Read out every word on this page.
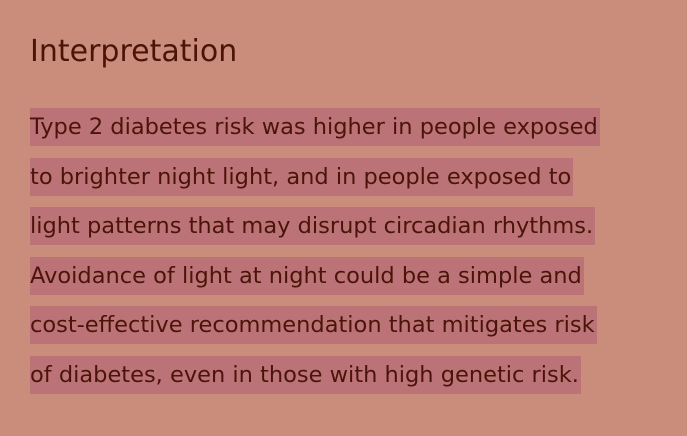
Interpretation
Type 2 diabetes risk was higher in people exposed
to brighter night light, and in people exposed to
light patterns that may disrupt circadian rhythms.
Avoidance of light at night could be a simple and
cost-effective recommendation that mitigates risk
of diabetes, even in those with high genetic risk.
